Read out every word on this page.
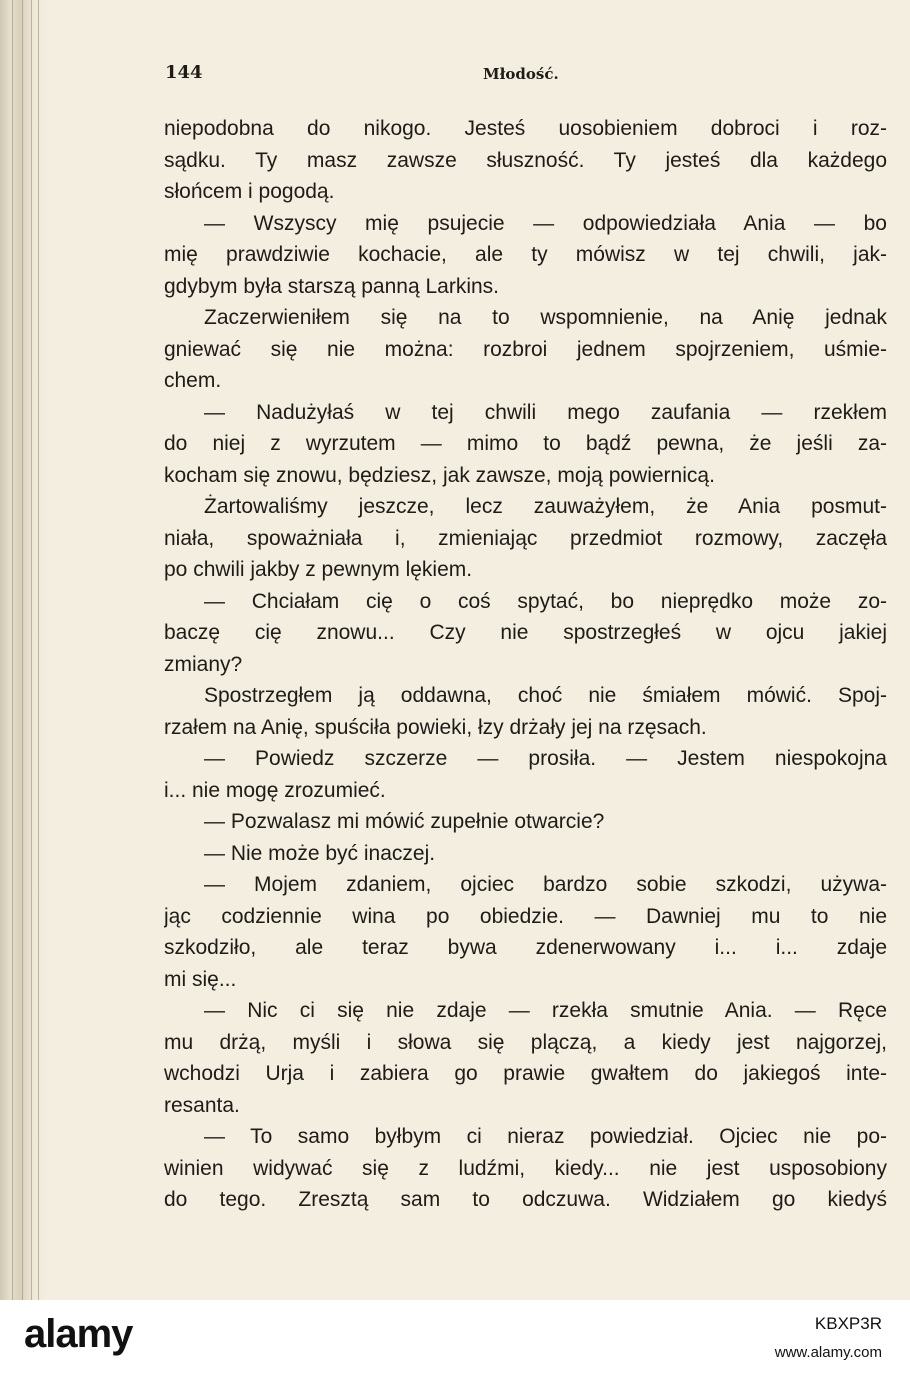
144	Młodość.
niepodobna do nikogo. Jesteś uosobieniem dobroci i roz-
sądku. Ty masz zawsze słuszność. Ty jesteś dla każdego
słońcem i pogodą.
— Wszyscy mię psujecie — odpowiedziała Ania — bo
mię prawdziwie kochacie, ale ty mówisz w tej chwili, jak-
gdybym była starszą panną Larkins.
Zaczerwieniłem się na to wspomnienie, na Anię jednak
gniewać się nie można: rozbroi jednem spojrzeniem, uśmie-
chem.
— Nadużyłaś w tej chwili mego zaufania — rzekłem
do niej z wyrzutem — mimo to bądź pewna, że jeśli za-
kocham się znowu, będziesz, jak zawsze, moją powiernicą.
Żartowaliśmy jeszcze, lecz zauważyłem, że Ania posmut-
niała, spoważniała i, zmieniając przedmiot rozmowy, zaczęła
po chwili jakby z pewnym lękiem.
— Chciałam cię o coś spytać, bo nieprędko może zo-
baczę cię znowu... Czy nie spostrzegłeś w ojcu jakiej
zmiany?
Spostrzegłem ją oddawna, choć nie śmiałem mówić. Spoj-
rzałem na Anię, spuściła powieki, łzy drżały jej na rzęsach.
— Powiedz szczerze — prosiła. — Jestem niespokojna
i... nie mogę zrozumieć.
— Pozwalasz mi mówić zupełnie otwarcie?
— Nie może być inaczej.
— Mojem zdaniem, ojciec bardzo sobie szkodzi, używa-
jąc codziennie wina po obiedzie. — Dawniej mu to nie
szkodziło, ale teraz bywa zdenerwowany i... i... zdaje
mi się...
— Nic ci się nie zdaje — rzekła smutnie Ania. — Ręce
mu drżą, myśli i słowa się plączą, a kiedy jest najgorzej,
wchodzi Urja i zabiera go prawie gwałtem do jakiegoś inte-
resanta.
— To samo byłbym ci nieraz powiedział. Ojciec nie po-
winien widywać się z ludźmi, kiedy... nie jest usposobiony
do tego. Zresztą sam to odczuwa. Widziałem go kiedyś
alamy	KBXP3R
www.alamy.com
